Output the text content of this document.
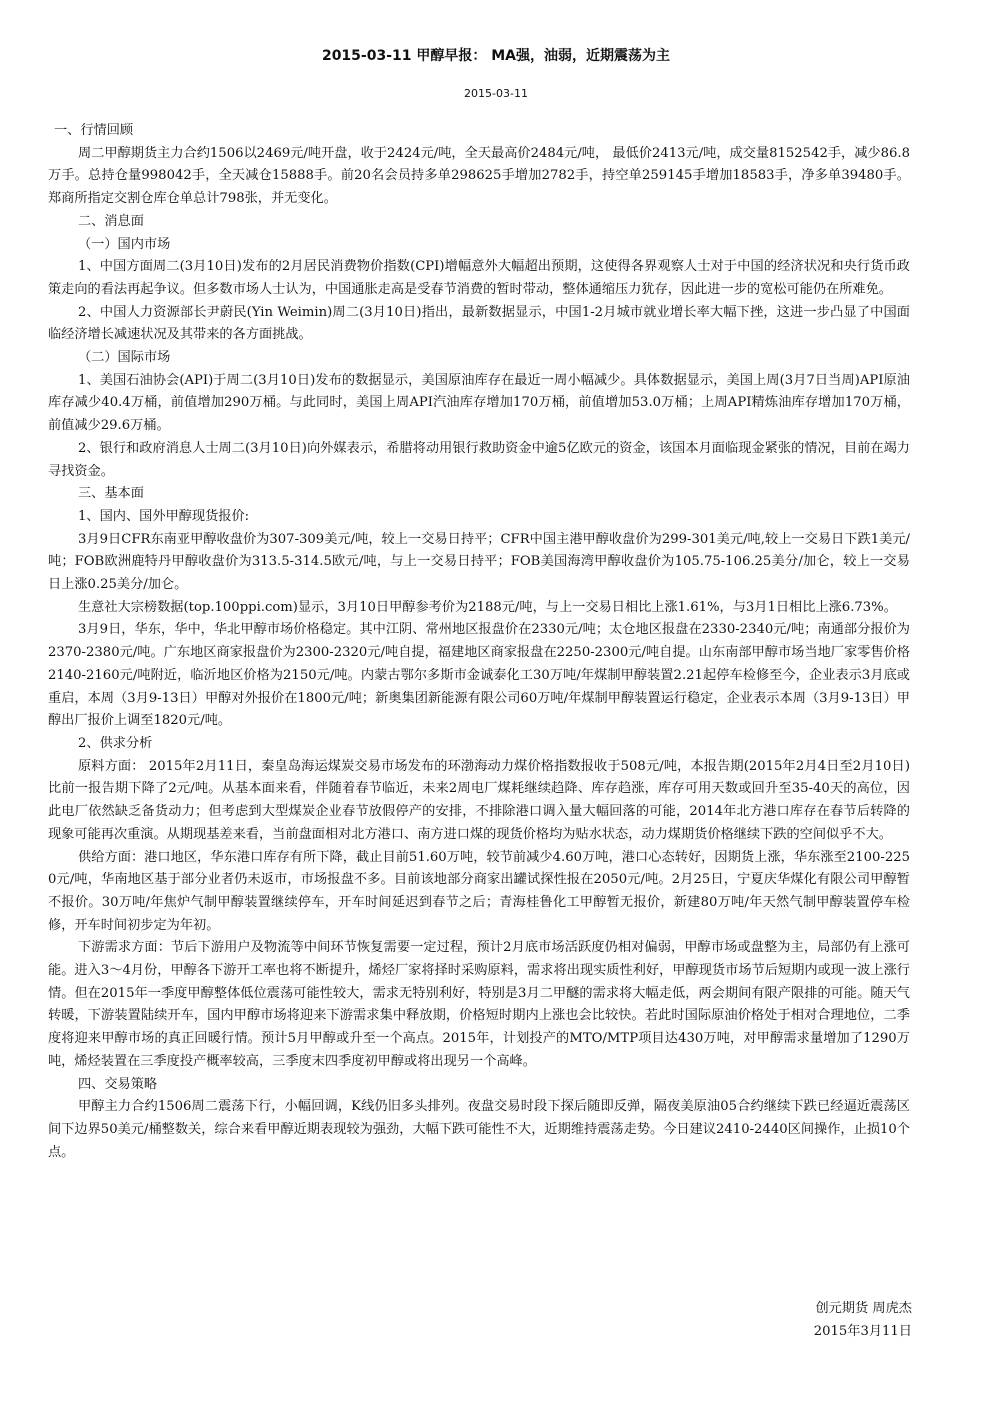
2015-03-11 甲醇早报： MA强，油弱，近期震荡为主
2015-03-11

一、行情回顾

周二甲醇期货主力合约1506以2469元/吨开盘，收于2424元/吨，全天最高价2484元/吨， 最低价2413元/吨，成交量8152542手，减少86.8万手。总持仓量998042手，全天减仓15888手。前20名会员持多单298625手增加2782手，持空单259145手增加18583手，净多单39480手。郑商所指定交割仓库仓单总计798张，并无变化。

二、消息面

（一）国内市场

1、中国方面周二(3月10日)发布的2月居民消费物价指数(CPI)增幅意外大幅超出预期，这使得各界观察人士对于中国的经济状况和央行货币政策走向的看法再起争议。但多数市场人士认为，中国通胀走高是受春节消费的暂时带动，整体通缩压力犹存，因此进一步的宽松可能仍在所难免。

2、中国人力资源部长尹蔚民(Yin Weimin)周二(3月10日)指出，最新数据显示，中国1-2月城市就业增长率大幅下挫，这进一步凸显了中国面临经济增长减速状况及其带来的各方面挑战。

（二）国际市场

1、美国石油协会(API)于周二(3月10日)发布的数据显示，美国原油库存在最近一周小幅减少。具体数据显示，美国上周(3月7日当周)API原油库存减少40.4万桶，前值增加290万桶。与此同时，美国上周API汽油库存增加170万桶，前值增加53.0万桶；上周API精炼油库存增加170万桶，前值减少29.6万桶。

2、银行和政府消息人士周二(3月10日)向外媒表示，希腊将动用银行救助资金中逾5亿欧元的资金，该国本月面临现金紧张的情况，目前在竭力寻找资金。

三、基本面

1、国内、国外甲醇现货报价:

3月9日CFR东南亚甲醇收盘价为307-309美元/吨，较上一交易日持平；CFR中国主港甲醇收盘价为299-301美元/吨,较上一交易日下跌1美元/吨；FOB欧洲鹿特丹甲醇收盘价为313.5-314.5欧元/吨，与上一交易日持平；FOB美国海湾甲醇收盘价为105.75-106.25美分/加仑，较上一交易日上涨0.25美分/加仑。

生意社大宗榜数据(top.100ppi.com)显示，3月10日甲醇参考价为2188元/吨，与上一交易日相比上涨1.61%，与3月1日相比上涨6.73%。

3月9日，华东，华中，华北甲醇市场价格稳定。其中江阴、常州地区报盘价在2330元/吨；太仓地区报盘在2330-2340元/吨；南通部分报价为2370-2380元/吨。广东地区商家报盘价为2300-2320元/吨自提，福建地区商家报盘在2250-2300元/吨自提。山东南部甲醇市场当地厂家零售价格2140-2160元/吨附近，临沂地区价格为2150元/吨。内蒙古鄂尔多斯市金诚泰化工30万吨/年煤制甲醇装置2.21起停车检修至今，企业表示3月底或重启，本周（3月9-13日）甲醇对外报价在1800元/吨；新奥集团新能源有限公司60万吨/年煤制甲醇装置运行稳定，企业表示本周（3月9-13日）甲醇出厂报价上调至1820元/吨。

2、供求分析

原料方面： 2015年2月11日，秦皇岛海运煤炭交易市场发布的环渤海动力煤价格指数报收于508元/吨，本报告期(2015年2月4日至2月10日)比前一报告期下降了2元/吨。从基本面来看，伴随着春节临近，未来2周电厂煤耗继续趋降、库存趋涨，库存可用天数或回升至35-40天的高位，因此电厂依然缺乏备货动力；但考虑到大型煤炭企业春节放假停产的安排，不排除港口调入量大幅回落的可能，2014年北方港口库存在春节后转降的现象可能再次重演。从期现基差来看，当前盘面相对北方港口、南方进口煤的现货价格均为贴水状态，动力煤期货价格继续下跌的空间似乎不大。

供给方面：港口地区，华东港口库存有所下降，截止目前51.60万吨，较节前减少4.60万吨，港口心态转好，因期货上涨，华东涨至2100-2250元/吨，华南地区基于部分业者仍未返市，市场报盘不多。目前该地部分商家出罐试探性报在2050元/吨。2月25日，宁夏庆华煤化有限公司甲醇暂不报价。30万吨/年焦炉气制甲醇装置继续停车，开车时间延迟到春节之后；青海桂鲁化工甲醇暂无报价，新建80万吨/年天然气制甲醇装置停车检修，开车时间初步定为年初。

下游需求方面：节后下游用户及物流等中间环节恢复需要一定过程，预计2月底市场活跃度仍相对偏弱，甲醇市场或盘整为主，局部仍有上涨可能。进入3～4月份，甲醇各下游开工率也将不断提升，烯烃厂家将择时采购原料，需求将出现实质性利好，甲醇现货市场节后短期内或现一波上涨行情。但在2015年一季度甲醇整体低位震荡可能性较大，需求无特别利好，特别是3月二甲醚的需求将大幅走低，两会期间有限产限排的可能。随天气转暖，下游装置陆续开车，国内甲醇市场将迎来下游需求集中释放期，价格短时期内上涨也会比较快。若此时国际原油价格处于相对合理地位，二季度将迎来甲醇市场的真正回暖行情。预计5月甲醇或升至一个高点。2015年，计划投产的MTO/MTP项目达430万吨，对甲醇需求量增加了1290万吨，烯烃装置在三季度投产概率较高，三季度末四季度初甲醇或将出现另一个高峰。

四、交易策略

甲醇主力合约1506周二震荡下行，小幅回调，K线仍旧多头排列。夜盘交易时段下探后随即反弹，隔夜美原油05合约继续下跌已经逼近震荡区间下边界50美元/桶整数关，综合来看甲醇近期表现较为强劲，大幅下跌可能性不大，近期维持震荡走势。今日建议2410-2440区间操作，止损10个点。

创元期货 周虎杰
2015年3月11日
